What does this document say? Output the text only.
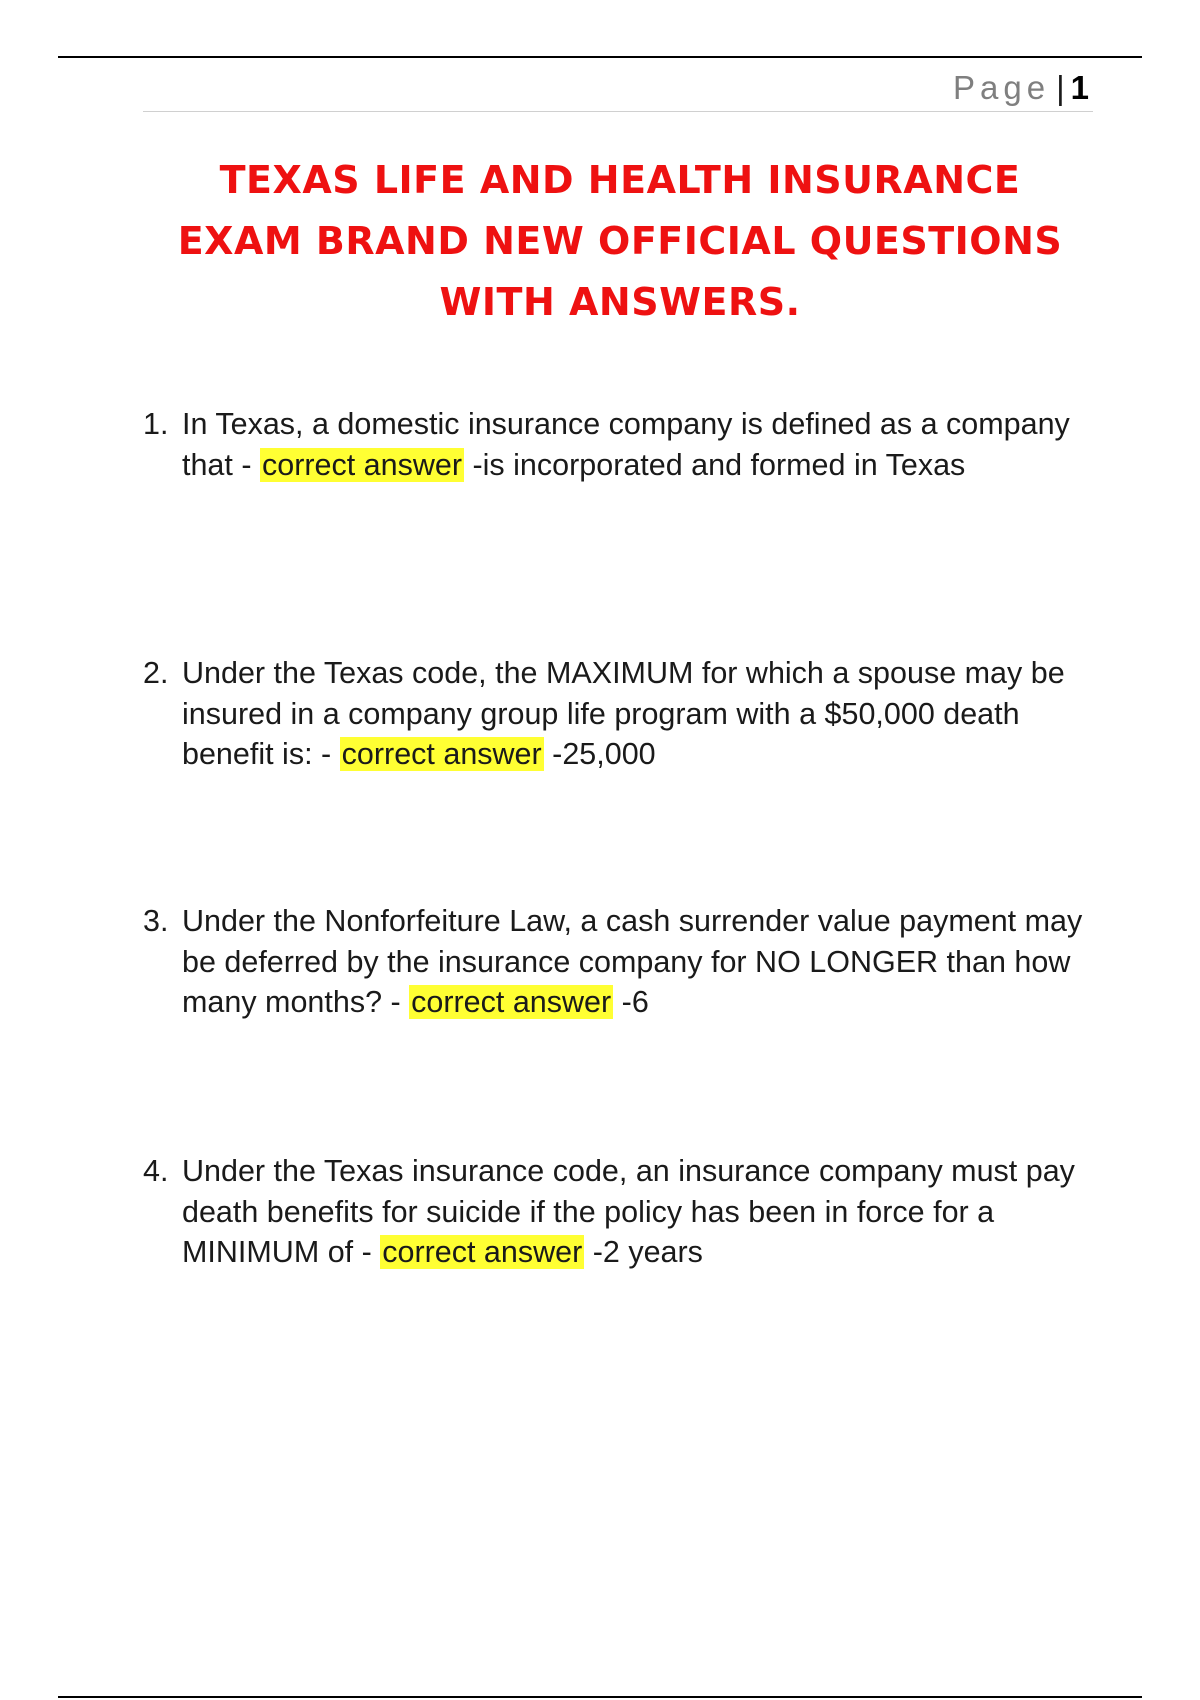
Page | 1
TEXAS LIFE AND HEALTH INSURANCE
EXAM BRAND NEW OFFICIAL QUESTIONS
WITH ANSWERS.
1. In Texas, a domestic insurance company is defined as a company that - correct answer -is incorporated and formed in Texas
2. Under the Texas code, the MAXIMUM for which a spouse may be insured in a company group life program with a $50,000 death benefit is: - correct answer -25,000
3. Under the Nonforfeiture Law, a cash surrender value payment may be deferred by the insurance company for NO LONGER than how many months? - correct answer -6
4. Under the Texas insurance code, an insurance company must pay death benefits for suicide if the policy has been in force for a MINIMUM of - correct answer -2 years
